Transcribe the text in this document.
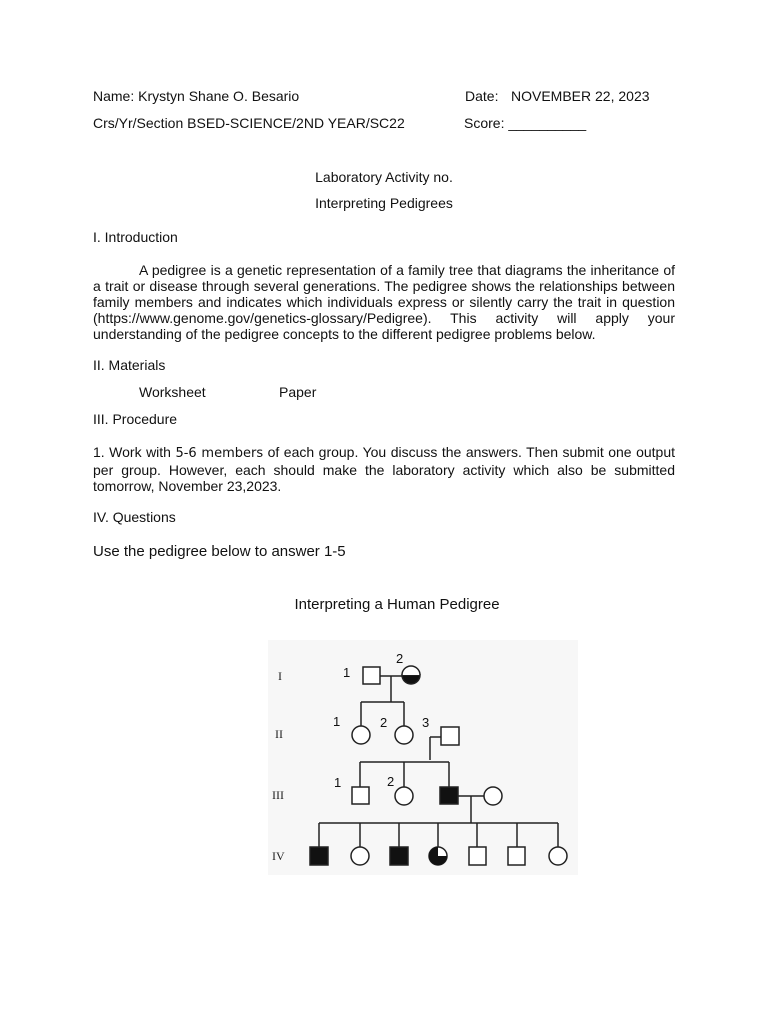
Name: Krystyn Shane O. Besario	Date: NOVEMBER 22, 2023
Crs/Yr/Section BSED-SCIENCE/2ND YEAR/SC22	Score: __________
Laboratory Activity no.
Interpreting Pedigrees
I. Introduction
A pedigree is a genetic representation of a family tree that diagrams the inheritance of a trait or disease through several generations. The pedigree shows the relationships between family members and indicates which individuals express or silently carry the trait in question (https://www.genome.gov/genetics-glossary/Pedigree). This activity will apply your understanding of the pedigree concepts to the different pedigree problems below.
II. Materials
Worksheet	Paper
III. Procedure
1. Work with 5-6 members of each group. You discuss the answers. Then submit one output per group. However, each should make the laboratory activity which also be submitted tomorrow, November 23,2023.
IV. Questions
Use the pedigree below to answer 1-5
Interpreting a Human Pedigree
I
II
III
IV
1
2
1	2	3
1	2
